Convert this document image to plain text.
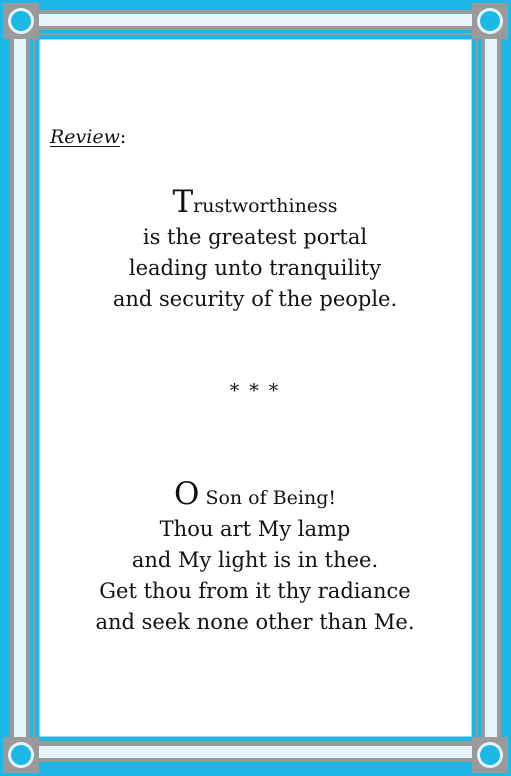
Review:
Trustworthiness
is the greatest portal
leading unto tranquility
and security of the people.
* * *
O Son of Being!
Thou art My lamp
and My light is in thee.
Get thou from it thy radiance
and seek none other than Me.
